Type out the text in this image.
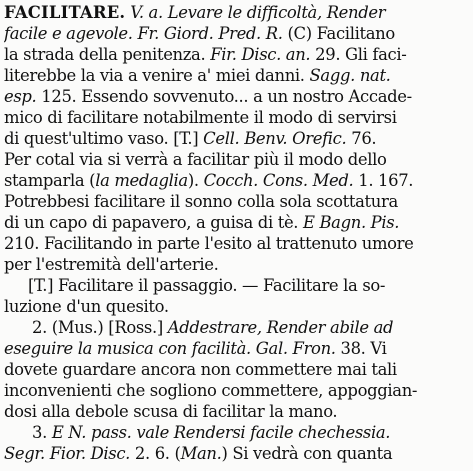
FACILITARE. V. a. Levare le difficoltà, Render
facile e agevole. Fr. Giord. Pred. R. (C) Facilitano
la strada della penitenza. Fir. Disc. an. 29. Gli faci-
literebbe la via a venire a' miei danni. Sagg. nat.
esp. 125. Essendo sovvenuto... a un nostro Accade-
mico di facilitare notabilmente il modo di servirsi
di quest'ultimo vaso. [T.] Cell. Benv. Orefic. 76.
Per cotal via si verrà a facilitar più il modo dello
stamparla (la medaglia). Cocch. Cons. Med. 1. 167.
Potrebbesi facilitare il sonno colla sola scottatura
di un capo di papavero, a guisa di tè. E Bagn. Pis.
210. Facilitando in parte l'esito al trattenuto umore
per l'estremità dell'arterie.
[T.] Facilitare il passaggio. — Facilitare la so-
luzione d'un quesito.
2. (Mus.) [Ross.] Addestrare, Render abile ad
eseguire la musica con facilità. Gal. Fron. 38. Vi
dovete guardare ancora non commettere mai tali
inconvenienti che sogliono commettere, appoggian-
dosi alla debole scusa di facilitar la mano.
3. E N. pass. vale Rendersi facile chechessia.
Segr. Fior. Disc. 2. 6. (Man.) Si vedrà con quanta
